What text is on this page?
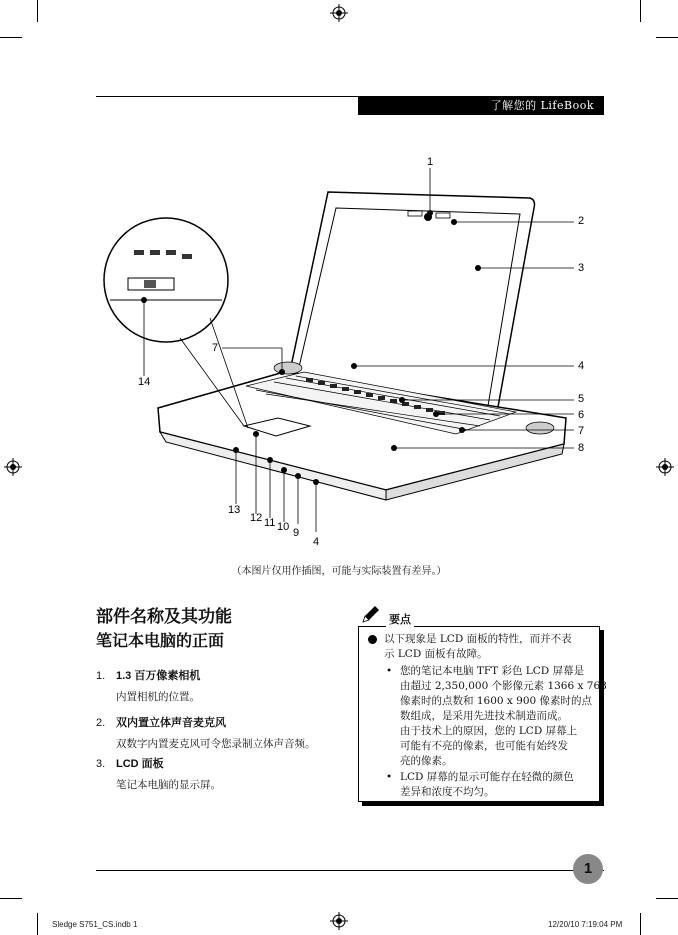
了解您的 LifeBook
1
2
3
4
5
6
7
8
7
14
13
12 11 10 9
4
（本图片仅用作插图，可能与实际装置有差异。）
部件名称及其功能
笔记本电脑的正面
1. 1.3 百万像素相机
内置相机的位置。
2. 双内置立体声音麦克风
双数字内置麦克风可令您录制立体声音频。
3. LCD 面板
笔记本电脑的显示屏。
要点
以下现象是 LCD 面板的特性，而并不表
示 LCD 面板有故障。
• 您的笔记本电脑 TFT 彩色 LCD 屏幕是
由超过 2,350,000 个影像元素 1366 x 768
像素时的点数和 1600 x 900 像素时的点
数组成，是采用先进技术制造而成。
由于技术上的原因，您的 LCD 屏幕上
可能有不亮的像素，也可能有始终发
亮的像素。
• LCD 屏幕的显示可能存在轻微的颜色
差异和浓度不均匀。
1
Sledge S751_CS.indb 1	12/20/10 7:19:04 PM
